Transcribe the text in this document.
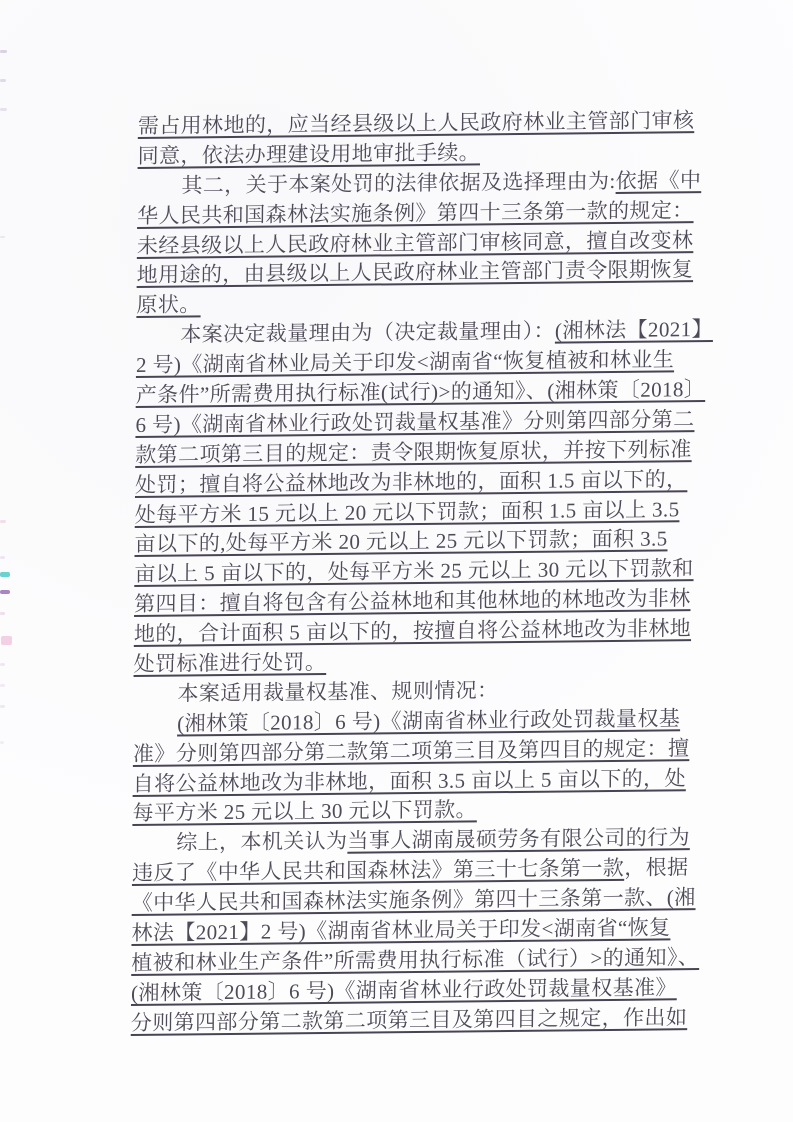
需占用林地的，应当经县级以上人民政府林业主管部门审核
同意，依法办理建设用地审批手续。
其二，关于本案处罚的法律依据及选择理由为:依据《中
华人民共和国森林法实施条例》第四十三条第一款的规定：
未经县级以上人民政府林业主管部门审核同意，擅自改变林
地用途的，由县级以上人民政府林业主管部门责令限期恢复
原状。
本案决定裁量理由为（决定裁量理由）：(湘林法【2021】
2 号)《湖南省林业局关于印发<湖南省“恢复植被和林业生
产条件”所需费用执行标准(试行)>的通知》、(湘林策〔2018〕
6 号)《湖南省林业行政处罚裁量权基准》分则第四部分第二
款第二项第三目的规定：责令限期恢复原状，并按下列标准
处罚；擅自将公益林地改为非林地的，面积 1.5 亩以下的，
处每平方米 15 元以上 20 元以下罚款；面积 1.5 亩以上 3.5
亩以下的,处每平方米 20 元以上 25 元以下罚款；面积 3.5
亩以上 5 亩以下的，处每平方米 25 元以上 30 元以下罚款和
第四目：擅自将包含有公益林地和其他林地的林地改为非林
地的，合计面积 5 亩以下的，按擅自将公益林地改为非林地
处罚标准进行处罚。
本案适用裁量权基准、规则情况：
(湘林策〔2018〕6 号)《湖南省林业行政处罚裁量权基
准》分则第四部分第二款第二项第三目及第四目的规定：擅
自将公益林地改为非林地，面积 3.5 亩以上 5 亩以下的，处
每平方米 25 元以上 30 元以下罚款。
综上，本机关认为当事人湖南晟硕劳务有限公司的行为
违反了《中华人民共和国森林法》第三十七条第一款，根据
《中华人民共和国森林法实施条例》第四十三条第一款、(湘
林法【2021】2 号)《湖南省林业局关于印发<湖南省“恢复
植被和林业生产条件”所需费用执行标准（试行）>的通知》、
(湘林策〔2018〕6 号)《湖南省林业行政处罚裁量权基准》
分则第四部分第二款第二项第三目及第四目之规定，作出如
